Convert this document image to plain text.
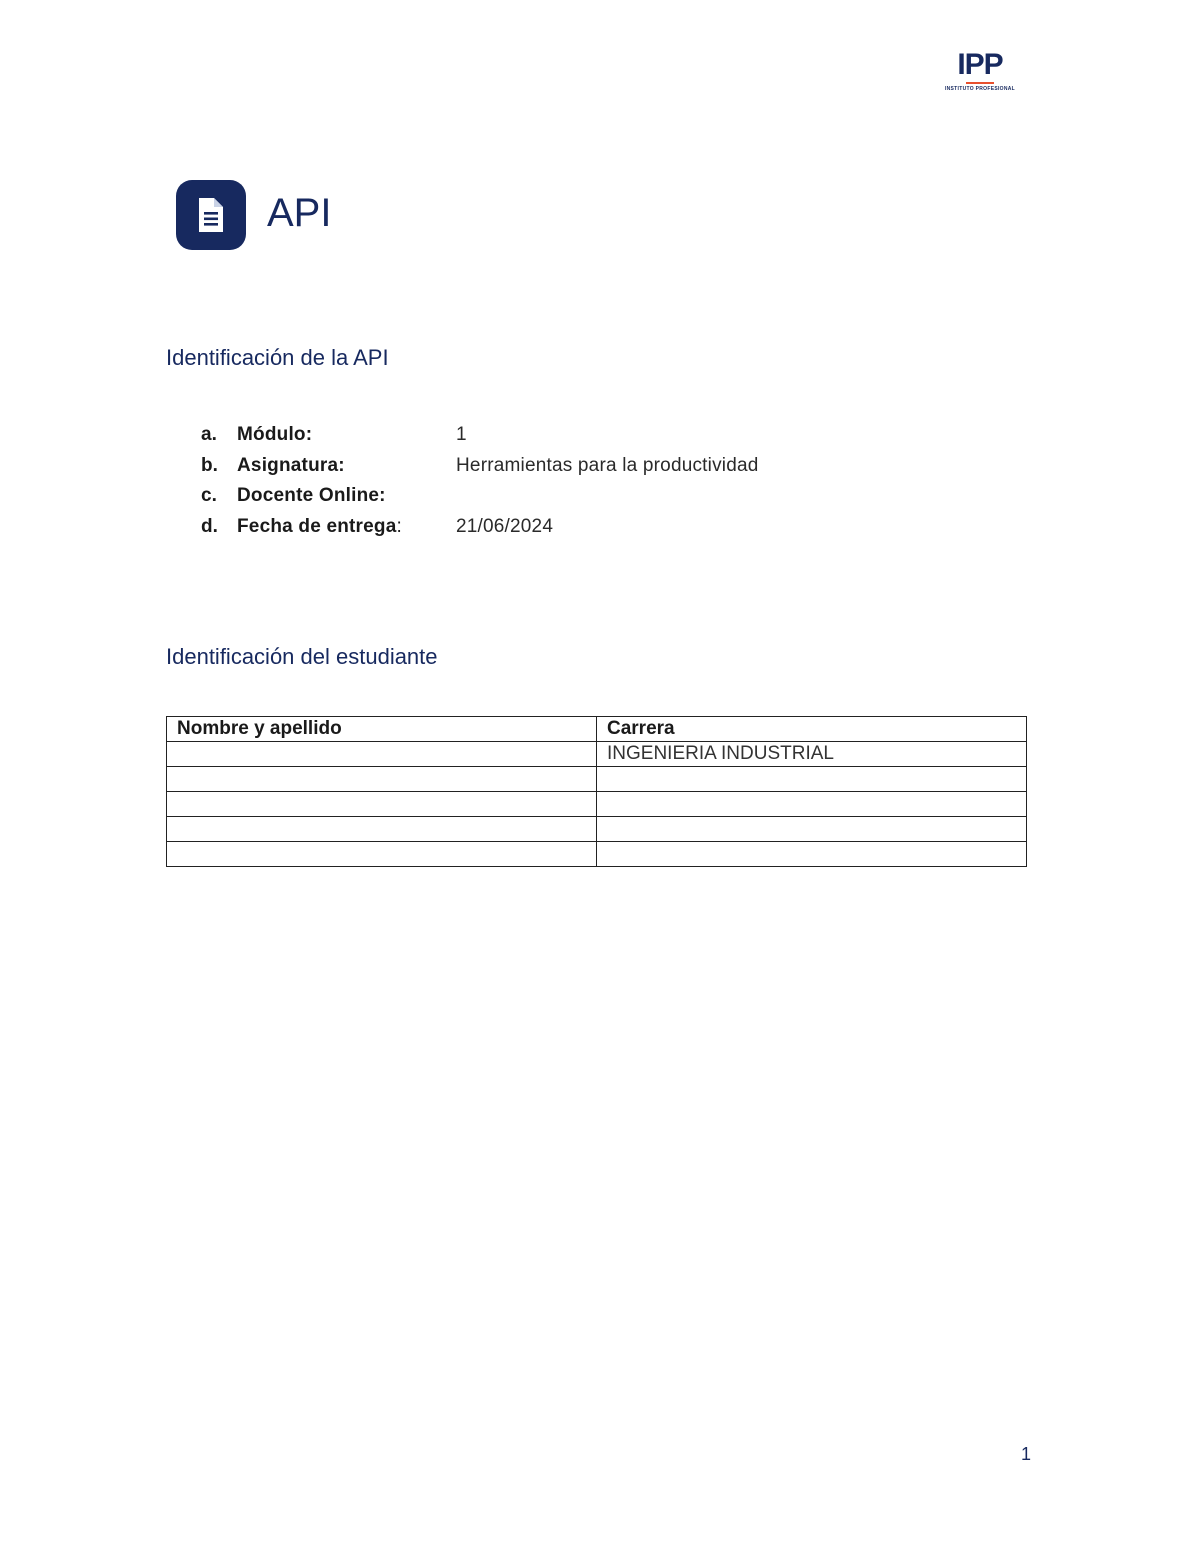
IPP
INSTITUTO PROFESIONAL
API
Identificación de la API
a.	Módulo:	1
b.	Asignatura:	Herramientas para la productividad
c.	Docente Online:
d.	Fecha de entrega:	21/06/2024
Identificación del estudiante
Nombre y apellido	Carrera
	INGENIERIA INDUSTRIAL

1
